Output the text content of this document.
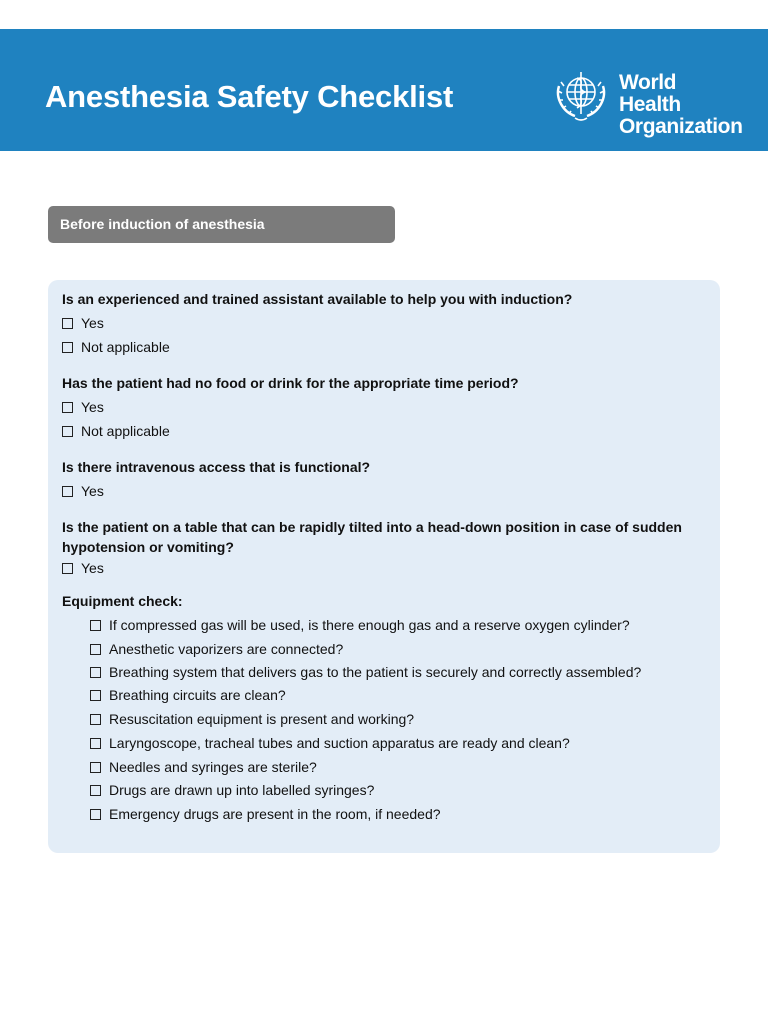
Anesthesia Safety Checklist	World Health
Organization
Before induction of anesthesia
Is an experienced and trained assistant available to help you with induction?
Yes
Not applicable
Has the patient had no food or drink for the appropriate time period?
Yes
Not applicable
Is there intravenous access that is functional?
Yes
Is the patient on a table that can be rapidly tilted into a head-down position in case of sudden hypotension or vomiting?
Yes
Equipment check:
If compressed gas will be used, is there enough gas and a reserve oxygen cylinder?
Anesthetic vaporizers are connected?
Breathing system that delivers gas to the patient is securely and correctly assembled?
Breathing circuits are clean?
Resuscitation equipment is present and working?
Laryngoscope, tracheal tubes and suction apparatus are ready and clean?
Needles and syringes are sterile?
Drugs are drawn up into labelled syringes?
Emergency drugs are present in the room, if needed?
